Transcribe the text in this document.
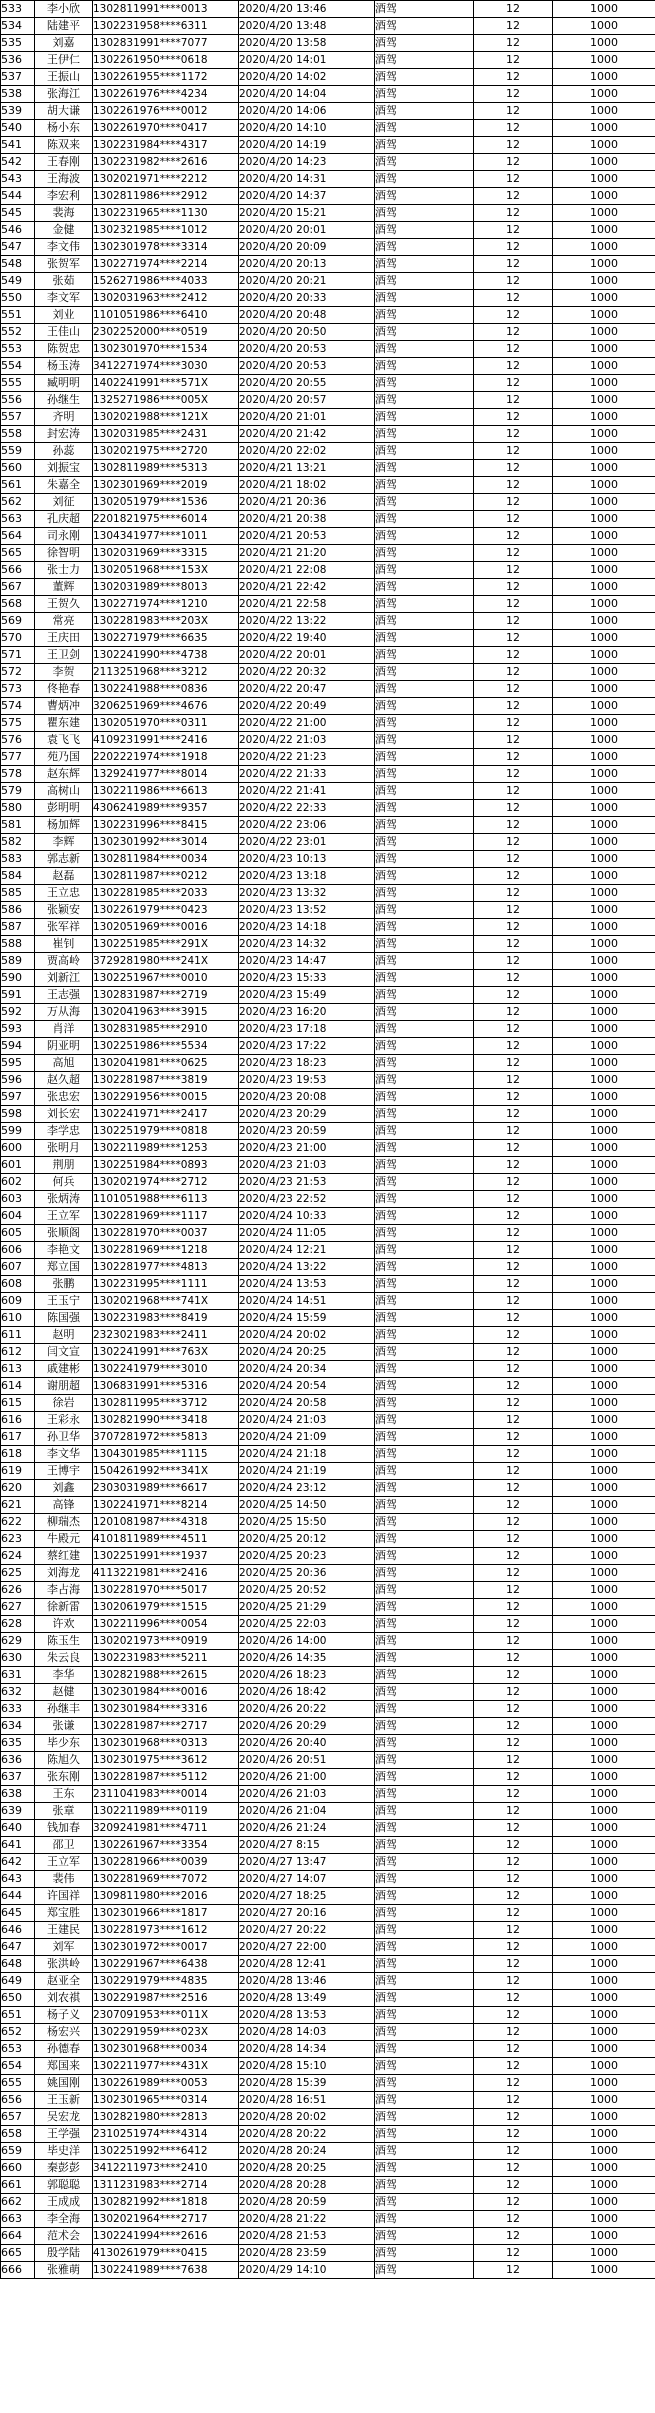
533	李小欣	13028119​91****0013	2020/4/20 13:46	酒驾	12	1000
534	陆建平	1302231958****6311	2020/4/20 13:48	酒驾	12	1000
535	刘嘉	1302831991****7077	2020/4/20 13:58	酒驾	12	1000
536	王伊仁	1302261950****0618	2020/4/20 14:01	酒驾	12	1000
537	王振山	1302261955****1172	2020/4/20 14:02	酒驾	12	1000
538	张海江	1302261976****4234	2020/4/20 14:04	酒驾	12	1000
539	胡大谦	1302261976****0012	2020/4/20 14:06	酒驾	12	1000
540	杨小东	1302261970****0417	2020/4/20 14:10	酒驾	12	1000
541	陈双来	1302231984****4317	2020/4/20 14:19	酒驾	12	1000
542	王春刚	1302231982****2616	2020/4/20 14:23	酒驾	12	1000
543	王海波	1302021971****2212	2020/4/20 14:31	酒驾	12	1000
544	李宏利	1302811986****2912	2020/4/20 14:37	酒驾	12	1000
545	裴海	1302231965****1130	2020/4/20 15:21	酒驾	12	1000
546	金健	1302321985****1012	2020/4/20 20:01	酒驾	12	1000
547	李文伟	1302301978****3314	2020/4/20 20:09	酒驾	12	1000
548	张贺军	1302271974****2214	2020/4/20 20:13	酒驾	12	1000
549	张茹	1526271986****4033	2020/4/20 20:21	酒驾	12	1000
550	李文军	1302031963****2412	2020/4/20 20:33	酒驾	12	1000
551	刘业	1101051986****6410	2020/4/20 20:48	酒驾	12	1000
552	王佳山	2302252000****0519	2020/4/20 20:50	酒驾	12	1000
553	陈贺忠	1302301970****1534	2020/4/20 20:53	酒驾	12	1000
554	杨玉涛	3412271974****3030	2020/4/20 20:53	酒驾	12	1000
555	臧明明	1402241991****571X	2020/4/20 20:55	酒驾	12	1000
556	孙继生	1325271986****005X	2020/4/20 20:57	酒驾	12	1000
557	齐明	1302021988****121X	2020/4/20 21:01	酒驾	12	1000
558	封宏涛	1302031985****2431	2020/4/20 21:42	酒驾	12	1000
559	孙蕊	1302021975****2720	2020/4/20 22:02	酒驾	12	1000
560	刘振宝	1302811989****5313	2020/4/21 13:21	酒驾	12	1000
561	朱嘉全	1302301969****2019	2020/4/21 18:02	酒驾	12	1000
562	刘征	1302051979****1536	2020/4/21 20:36	酒驾	12	1000
563	孔庆超	2201821975****6014	2020/4/21 20:38	酒驾	12	1000
564	司永刚	1304341977****1011	2020/4/21 20:53	酒驾	12	1000
565	徐智明	1302031969****3315	2020/4/21 21:20	酒驾	12	1000
566	张士力	1302051968****153X	2020/4/21 22:08	酒驾	12	1000
567	董辉	1302031989****8013	2020/4/21 22:42	酒驾	12	1000
568	王贺久	1302271974****1210	2020/4/21 22:58	酒驾	12	1000
569	常亮	1302281983****203X	2020/4/22 13:22	酒驾	12	1000
570	王庆田	1302271979****6635	2020/4/22 19:40	酒驾	12	1000
571	王卫剑	1302241990****4738	2020/4/22 20:01	酒驾	12	1000
572	李贺	2113251968****3212	2020/4/22 20:32	酒驾	12	1000
573	佟艳春	1302241988****0836	2020/4/22 20:47	酒驾	12	1000
574	曹炳冲	3206251969****4676	2020/4/22 20:49	酒驾	12	1000
575	瞿东建	1302051970****0311	2020/4/22 21:00	酒驾	12	1000
576	袁飞飞	4109231991****2416	2020/4/22 21:03	酒驾	12	1000
577	苑乃国	2202221974****1918	2020/4/22 21:23	酒驾	12	1000
578	赵东辉	1329241977****8014	2020/4/22 21:33	酒驾	12	1000
579	高树山	1302211986****6613	2020/4/22 21:41	酒驾	12	1000
580	彭明明	4306241989****9357	2020/4/22 22:33	酒驾	12	1000
581	杨加辉	1302231996****8415	2020/4/22 23:06	酒驾	12	1000
582	李辉	1302301992****3014	2020/4/22 23:01	酒驾	12	1000
583	郭志新	1302811984****0034	2020/4/23 10:13	酒驾	12	1000
584	赵磊	1302811987****0212	2020/4/23 13:18	酒驾	12	1000
585	王立忠	1302281985****2033	2020/4/23 13:32	酒驾	12	1000
586	张颖安	1302261979****0423	2020/4/23 13:52	酒驾	12	1000
587	张军祥	1302051969****0016	2020/4/23 14:18	酒驾	12	1000
588	崔钊	1302251985****291X	2020/4/23 14:32	酒驾	12	1000
589	贾高岭	3729281980****241X	2020/4/23 14:47	酒驾	12	1000
590	刘新江	1302251967****0010	2020/4/23 15:33	酒驾	12	1000
591	王志强	1302831987****2719	2020/4/23 15:49	酒驾	12	1000
592	万从海	1302041963****3915	2020/4/23 16:20	酒驾	12	1000
593	肖洋	1302831985****2910	2020/4/23 17:18	酒驾	12	1000
594	阴亚明	1302251986****5534	2020/4/23 17:22	酒驾	12	1000
595	高旭	1302041981****0625	2020/4/23 18:23	酒驾	12	1000
596	赵久超	1302281987****3819	2020/4/23 19:53	酒驾	12	1000
597	张忠宏	1302291956****0015	2020/4/23 20:08	酒驾	12	1000
598	刘长宏	1302241971****2417	2020/4/23 20:29	酒驾	12	1000
599	李学忠	1302251979****0818	2020/4/23 20:59	酒驾	12	1000
600	张明月	1302211989****1253	2020/4/23 21:00	酒驾	12	1000
601	荆朋	1302251984****0893	2020/4/23 21:03	酒驾	12	1000
602	何兵	1302021974****2712	2020/4/23 21:53	酒驾	12	1000
603	张炳涛	1101051988****6113	2020/4/23 22:52	酒驾	12	1000
604	王立军	1302281969****1117	2020/4/24 10:33	酒驾	12	1000
605	张顺阁	1302281970****0037	2020/4/24 11:05	酒驾	12	1000
606	李艳文	1302281969****1218	2020/4/24 12:21	酒驾	12	1000
607	郑立国	1302281977****4813	2020/4/24 13:22	酒驾	12	1000
608	张鹏	1302231995****1111	2020/4/24 13:53	酒驾	12	1000
609	王玉宁	1302021968****741X	2020/4/24 14:51	酒驾	12	1000
610	陈国强	1302231983****8419	2020/4/24 15:59	酒驾	12	1000
611	赵明	2323021983****2411	2020/4/24 20:02	酒驾	12	1000
612	闫文宣	1302241991****763X	2020/4/24 20:25	酒驾	12	1000
613	戚建彬	1302241979****3010	2020/4/24 20:34	酒驾	12	1000
614	谢朋超	1306831991****5316	2020/4/24 20:54	酒驾	12	1000
615	徐岩	1302811995****3712	2020/4/24 20:58	酒驾	12	1000
616	王彩永	1302821990****3418	2020/4/24 21:03	酒驾	12	1000
617	孙卫华	3707281972****5813	2020/4/24 21:09	酒驾	12	1000
618	李文华	1304301985****1115	2020/4/24 21:18	酒驾	12	1000
619	王博宇	1504261992****341X	2020/4/24 21:19	酒驾	12	1000
620	刘鑫	2303031989****6617	2020/4/24 23:12	酒驾	12	1000
621	高锋	1302241971****8214	2020/4/25 14:50	酒驾	12	1000
622	柳瑞杰	1201081987****4318	2020/4/25 15:50	酒驾	12	1000
623	牛殿元	4101811989****4511	2020/4/25 20:12	酒驾	12	1000
624	蔡红建	1302251991****1937	2020/4/25 20:23	酒驾	12	1000
625	刘海龙	4113221981****2416	2020/4/25 20:36	酒驾	12	1000
626	李占海	1302281970****5017	2020/4/25 20:52	酒驾	12	1000
627	徐新雷	1302061979****1515	2020/4/25 21:29	酒驾	12	1000
628	许欢	1302211996****0054	2020/4/25 22:03	酒驾	12	1000
629	陈玉生	1302021973****0919	2020/4/26 14:00	酒驾	12	1000
630	朱云良	1302231983****5211	2020/4/26 14:35	酒驾	12	1000
631	李华	1302821988****2615	2020/4/26 18:23	酒驾	12	1000
632	赵健	1302301984****0016	2020/4/26 18:42	酒驾	12	1000
633	孙继丰	1302301984****3316	2020/4/26 20:22	酒驾	12	1000
634	张谦	1302281987****2717	2020/4/26 20:29	酒驾	12	1000
635	毕少东	1302301968****0313	2020/4/26 20:40	酒驾	12	1000
636	陈旭久	1302301975****3612	2020/4/26 20:51	酒驾	12	1000
637	张东刚	1302281987****5112	2020/4/26 21:00	酒驾	12	1000
638	王东	2311041983****0014	2020/4/26 21:03	酒驾	12	1000
639	张章	1302211989****0119	2020/4/26 21:04	酒驾	12	1000
640	钱加春	3209241981****4711	2020/4/26 21:24	酒驾	12	1000
641	邵卫	1302261967****3354	2020/4/27 8:15	酒驾	12	1000
642	王立军	1302281966****0039	2020/4/27 13:47	酒驾	12	1000
643	裴伟	1302281969****7072	2020/4/27 14:07	酒驾	12	1000
644	许国祥	1309811980****2016	2020/4/27 18:25	酒驾	12	1000
645	郑宝胜	1302301966****1817	2020/4/27 20:16	酒驾	12	1000
646	王建民	1302281973****1612	2020/4/27 20:22	酒驾	12	1000
647	刘军	1302301972****0017	2020/4/27 22:00	酒驾	12	1000
648	张洪岭	1302291967****6438	2020/4/28 12:41	酒驾	12	1000
649	赵亚全	1302291979****4835	2020/4/28 13:46	酒驾	12	1000
650	刘农祺	1302291987****2516	2020/4/28 13:49	酒驾	12	1000
651	杨子义	2307091953****011X	2020/4/28 13:53	酒驾	12	1000
652	杨宏兴	1302291959****023X	2020/4/28 14:03	酒驾	12	1000
653	孙德春	1302301968****0034	2020/4/28 14:34	酒驾	12	1000
654	郑国来	1302211977****431X	2020/4/28 15:10	酒驾	12	1000
655	姚国刚	1302261989****0053	2020/4/28 15:39	酒驾	12	1000
656	王玉新	1302301965****0314	2020/4/28 16:51	酒驾	12	1000
657	吴宏龙	1302821980****2813	2020/4/28 20:02	酒驾	12	1000
658	王学强	2310251974****4314	2020/4/28 20:22	酒驾	12	1000
659	毕史洋	1302251992****6412	2020/4/28 20:24	酒驾	12	1000
660	秦彭彭	3412211973****2410	2020/4/28 20:25	酒驾	12	1000
661	郭聪聪	1311231983****2714	2020/4/28 20:28	酒驾	12	1000
662	王成成	1302821992****1818	2020/4/28 20:59	酒驾	12	1000
663	李全海	1302021964****2717	2020/4/28 21:22	酒驾	12	1000
664	范术会	1302241994****2616	2020/4/28 21:53	酒驾	12	1000
665	殷学陆	4130261979****0415	2020/4/28 23:59	酒驾	12	1000
666	张雅萌	1302241989****7638	2020/4/29 14:10	酒驾	12	1000
